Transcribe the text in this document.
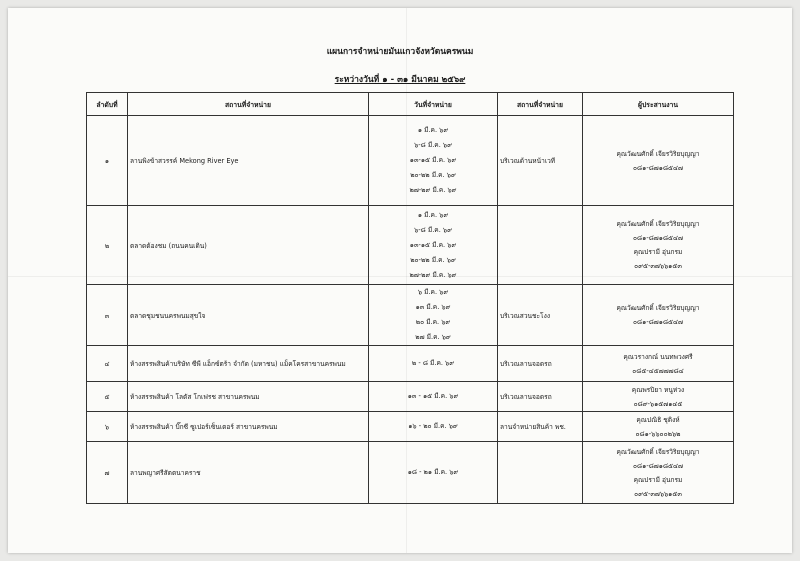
แผนการจำหน่ายมันแกวจังหวัดนครพนม
ระหว่างวันที่ ๑ - ๓๑ มีนาคม ๒๕๖๙
ลำดับที่	สถานที่จำหน่าย	วันที่จำหน่าย	สถานที่จำหน่าย	ผู้ประสานงาน
๑	ลานพิงข้าสวรรค์ Mekong River Eye	๑ มี.ค. ๖๙
๖-๘ มี.ค. ๖๙
๑๓-๑๕ มี.ค. ๖๙
๒๐-๒๒ มี.ค. ๖๙
๒๗-๒๙ มี.ค. ๖๙	บริเวณด้านหน้าเวที	คุณวัฒนศักดิ์ เจียรวิริยบุญญา
๐๘๑-๘๗๑๘๕๔๗

๒	ตลาดต้องชม (ถนนคนเดิน)	๑ มี.ค. ๖๙
๖-๘ มี.ค. ๖๙
๑๓-๑๕ มี.ค. ๖๙
๒๐-๒๒ มี.ค. ๖๙
๒๗-๒๙ มี.ค. ๖๙		คุณวัฒนศักดิ์ เจียรวิริยบุญญา
๐๘๑-๘๗๑๘๕๔๗
คุณปรามี อุ่นกรม
๐๙๕-๓๗๖๖๑๕๓

๓	ตลาดชุมชนนครพนมสุขใจ	๖ มี.ค. ๖๙
๑๓ มี.ค. ๖๙
๒๐ มี.ค. ๖๙
๒๗ มี.ค. ๖๙	บริเวณสวนชะโงง	คุณวัฒนศักดิ์ เจียรวิริยบุญญา
๐๘๑-๘๗๑๘๕๔๗

๔	ห้างสรรพสินค้าบริษัท ซีพี แอ็กซ์ตร้า จำกัด (มหาชน) แม็คโครสาขานครพนม	๒ - ๘ มี.ค. ๖๙	บริเวณลานจอดรถ	คุณวรางกณ์ นนทพวงศรี
๐๘๕-๔๕๗๗๗๘๔

๕	ห้างสรรพสินค้า โลตัส โกเฟรช สาขานครพนม	๑๓ - ๑๕ มี.ค. ๖๙	บริเวณลานจอดรถ	คุณพรปิยา หนูห่วง
๐๘๙-๖๑๕๗๑๔๕

๖	ห้างสรรพสินค้า บิ๊กซี ซูเปอร์เซ็นเตอร์ สาขานครพนม	๑๖ - ๒๐ มี.ค. ๖๙	ลานจำหน่ายสินค้า พช.	คุณปณิธิ ชุติงห์
๐๘๑-๖๖๐๐๒๖๒

๗	ลานพญาศรีสัตตนาคราช	๑๘ - ๒๑ มี.ค. ๖๙		คุณวัฒนศักดิ์ เจียรวิริยบุญญา
๐๘๑-๘๗๑๘๕๔๗
คุณปรามี อุ่นกรม
๐๙๕-๓๗๖๖๑๕๓
